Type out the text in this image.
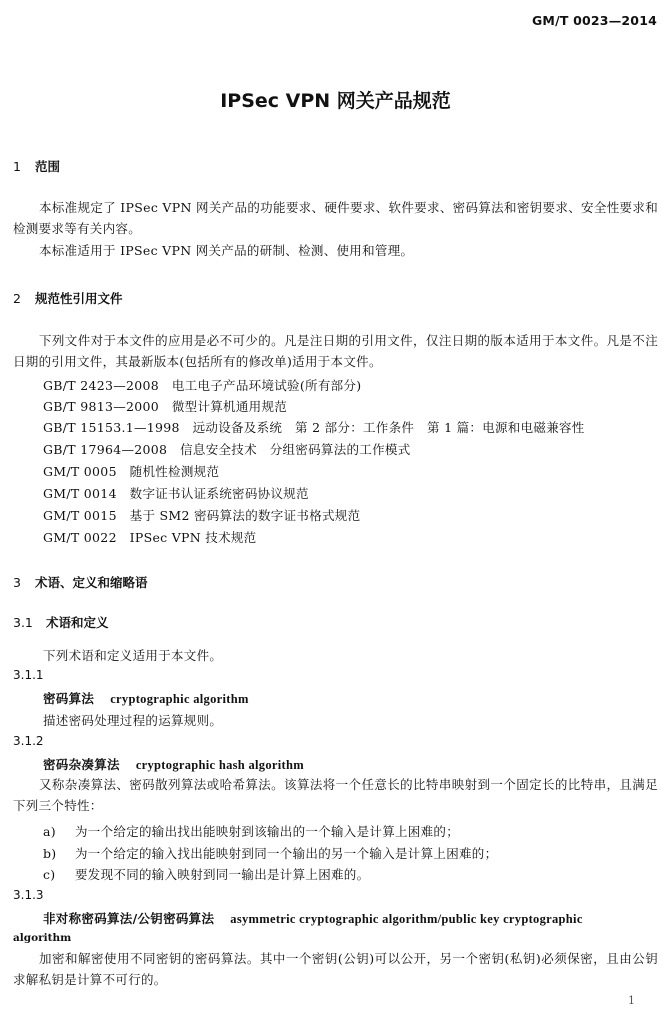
GM/T 0023—2014
IPSec VPN 网关产品规范
1 范围
本标准规定了 IPSec VPN 网关产品的功能要求、硬件要求、软件要求、密码算法和密钥要求、安全性要求和检测要求等有关内容。
本标准适用于 IPSec VPN 网关产品的研制、检测、使用和管理。
2 规范性引用文件
下列文件对于本文件的应用是必不可少的。凡是注日期的引用文件，仅注日期的版本适用于本文件。凡是不注日期的引用文件，其最新版本(包括所有的修改单)适用于本文件。
GB/T 2423—2008　 电工电子产品环境试验(所有部分)
GB/T 9813—2000　 微型计算机通用规范
GB/T 15153.1—1998　 远动设备及系统　第 2 部分：工作条件　第 1 篇：电源和电磁兼容性
GB/T 17964—2008　 信息安全技术　分组密码算法的工作模式
GM/T 0005　 随机性检测规范
GM/T 0014　 数字证书认证系统密码协议规范
GM/T 0015　 基于 SM2 密码算法的数字证书格式规范
GM/T 0022　 IPSec VPN 技术规范
3 术语、定义和缩略语
3.1 术语和定义
下列术语和定义适用于本文件。
3.1.1
密码算法 cryptographic algorithm
描述密码处理过程的运算规则。
3.1.2
密码杂凑算法 cryptographic hash algorithm
又称杂凑算法、密码散列算法或哈希算法。该算法将一个任意长的比特串映射到一个固定长的比特串，且满足下列三个特性：
a) 为一个给定的输出找出能映射到该输出的一个输入是计算上困难的；
b) 为一个给定的输入找出能映射到同一个输出的另一个输入是计算上困难的；
c) 要发现不同的输入映射到同一输出是计算上困难的。
3.1.3
非对称密码算法/公钥密码算法 asymmetric cryptographic algorithm/public key cryptographic
algorithm
加密和解密使用不同密钥的密码算法。其中一个密钥(公钥)可以公开，另一个密钥(私钥)必须保密，且由公钥求解私钥是计算不可行的。
1
